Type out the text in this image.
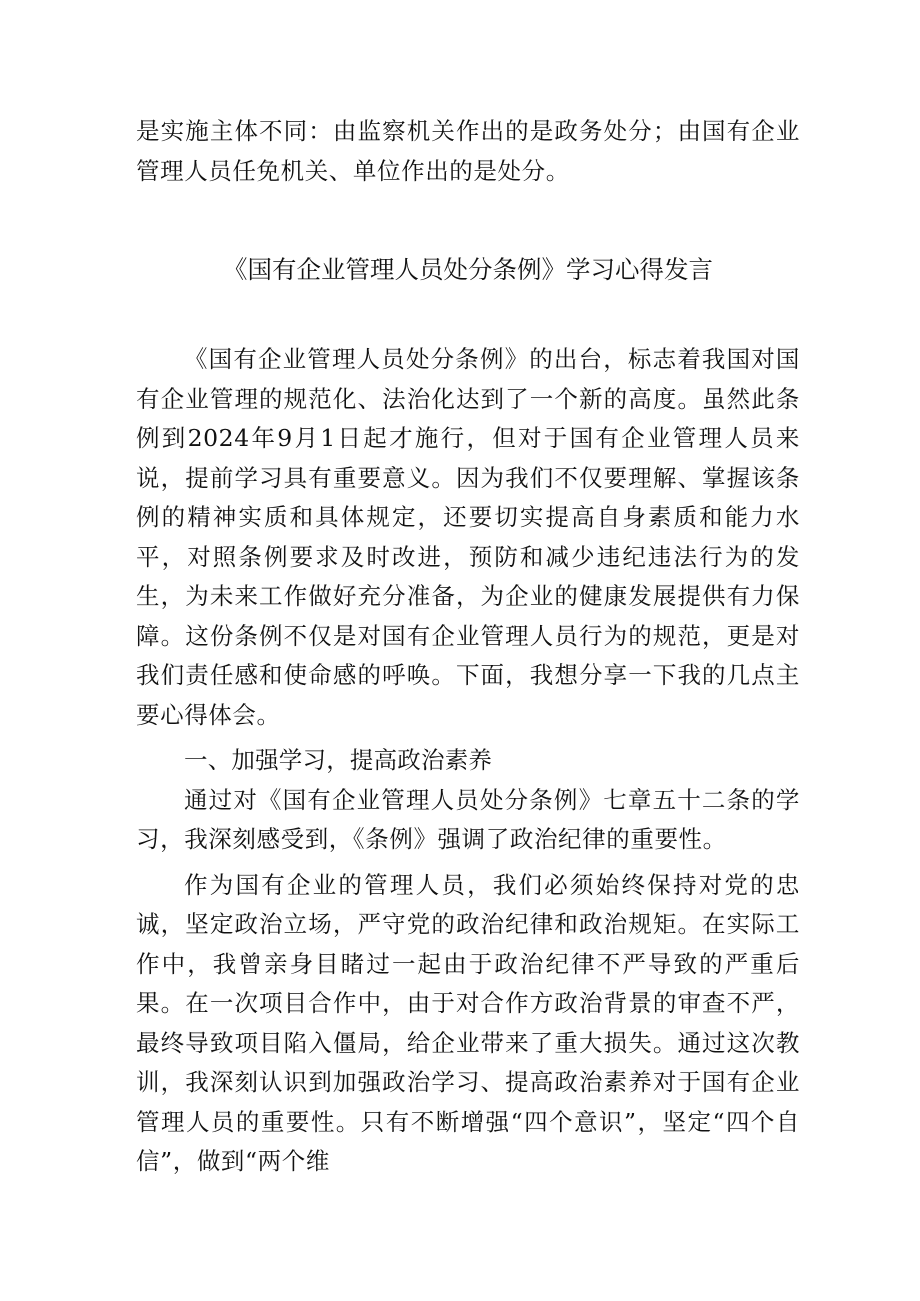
是实施主体不同：由监察机关作出的是政务处分；由国有企业管理人员任免机关、单位作出的是处分。

《国有企业管理人员处分条例》学习心得发言

《国有企业管理人员处分条例》的出台，标志着我国对国有企业管理的规范化、法治化达到了一个新的高度。虽然此条例到2024年9月1日起才施行，但对于国有企业管理人员来说，提前学习具有重要意义。因为我们不仅要理解、掌握该条例的精神实质和具体规定，还要切实提高自身素质和能力水平，对照条例要求及时改进，预防和减少违纪违法行为的发生，为未来工作做好充分准备，为企业的健康发展提供有力保障。这份条例不仅是对国有企业管理人员行为的规范，更是对我们责任感和使命感的呼唤。下面，我想分享一下我的几点主要心得体会。

一、加强学习，提高政治素养

通过对《国有企业管理人员处分条例》七章五十二条的学习，我深刻感受到，《条例》强调了政治纪律的重要性。

作为国有企业的管理人员，我们必须始终保持对党的忠诚，坚定政治立场，严守党的政治纪律和政治规矩。在实际工作中，我曾亲身目睹过一起由于政治纪律不严导致的严重后果。在一次项目合作中，由于对合作方政治背景的审查不严，最终导致项目陷入僵局，给企业带来了重大损失。通过这次教训，我深刻认识到加强政治学习、提高政治素养对于国有企业管理人员的重要性。只有不断增强“四个意识”，坚定“四个自信”，做到“两个维
